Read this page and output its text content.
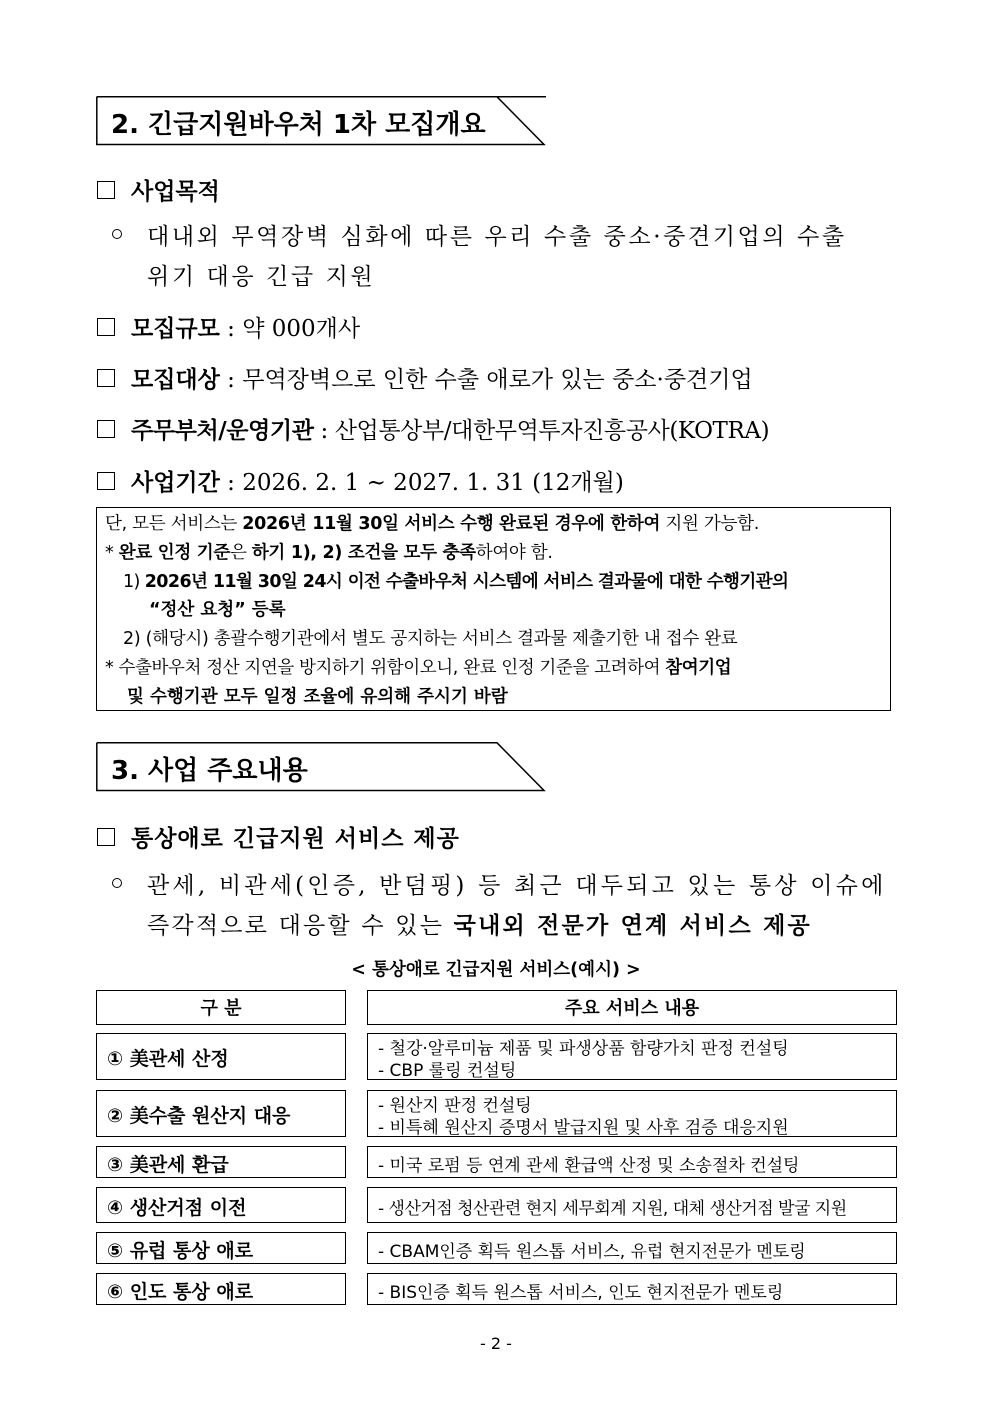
2. 긴급지원바우처 1차 모집개요
사업목적
대내외 무역장벽 심화에 따른 우리 수출 중소·중견기업의 수출
위기 대응 긴급 지원
모집규모 : 약 000개사
모집대상 : 무역장벽으로 인한 수출 애로가 있는 중소·중견기업
주무부처/운영기관 : 산업통상부/대한무역투자진흥공사(KOTRA)
사업기간 : 2026. 2. 1 ~ 2027. 1. 31 (12개월)
단, 모든 서비스는 2026년 11월 30일 서비스 수행 완료된 경우에 한하여 지원 가능함.
* 완료 인정 기준은 하기 1), 2) 조건을 모두 충족하여야 함.
1) 2026년 11월 30일 24시 이전 수출바우처 시스템에 서비스 결과물에 대한 수행기관의
“정산 요청” 등록
2) (해당시) 총괄수행기관에서 별도 공지하는 서비스 결과물 제출기한 내 접수 완료
* 수출바우처 정산 지연을 방지하기 위함이오니, 완료 인정 기준을 고려하여 참여기업
및 수행기관 모두 일정 조율에 유의해 주시기 바람
3. 사업 주요내용
통상애로 긴급지원 서비스 제공
관세, 비관세(인증, 반덤핑) 등 최근 대두되고 있는 통상 이슈에
즉각적으로 대응할 수 있는 국내외 전문가 연계 서비스 제공
< 통상애로 긴급지원 서비스(예시) >
구 분	주요 서비스 내용
① 美관세 산정	- 철강·알루미늄 제품 및 파생상품 함량가치 판정 컨설팅
- CBP 룰링 컨설팅
② 美수출 원산지 대응	- 원산지 판정 컨설팅
- 비특혜 원산지 증명서 발급지원 및 사후 검증 대응지원
③ 美관세 환급	- 미국 로펌 등 연계 관세 환급액 산정 및 소송절차 컨설팅
④ 생산거점 이전	- 생산거점 청산관련 현지 세무회계 지원, 대체 생산거점 발굴 지원
⑤ 유럽 통상 애로	- CBAM인증 획득 원스톱 서비스, 유럽 현지전문가 멘토링
⑥ 인도 통상 애로	- BIS인증 획득 원스톱 서비스, 인도 현지전문가 멘토링
- 2 -
